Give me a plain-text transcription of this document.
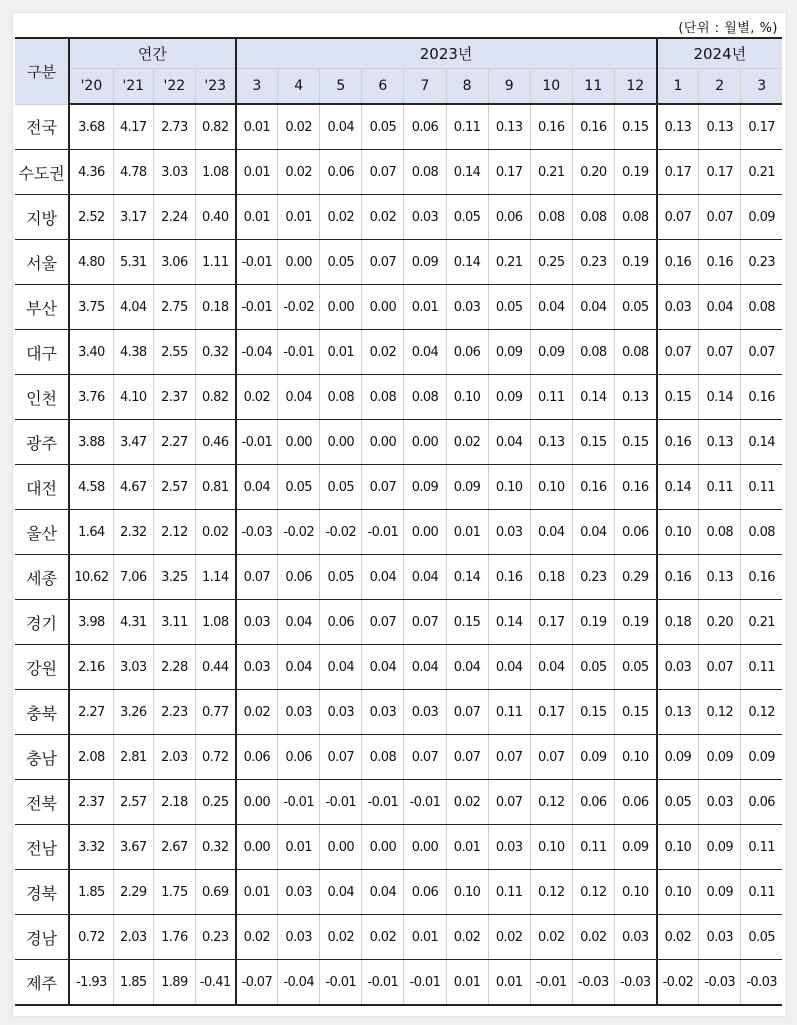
(단위 : 월별, %)
구분	연간				2023년										2024년		
	'20	'21	'22	'23	3	4	5	6	7	8	9	10	11	12	1	2	3
전국	3.68	4.17	2.73	0.82	0.01	0.02	0.04	0.05	0.06	0.11	0.13	0.16	0.16	0.15	0.13	0.13	0.17
수도권	4.36	4.78	3.03	1.08	0.01	0.02	0.06	0.07	0.08	0.14	0.17	0.21	0.20	0.19	0.17	0.17	0.21
지방	2.52	3.17	2.24	0.40	0.01	0.01	0.02	0.02	0.03	0.05	0.06	0.08	0.08	0.08	0.07	0.07	0.09
서울	4.80	5.31	3.06	1.11	-0.01	0.00	0.05	0.07	0.09	0.14	0.21	0.25	0.23	0.19	0.16	0.16	0.23
부산	3.75	4.04	2.75	0.18	-0.01	-0.02	0.00	0.00	0.01	0.03	0.05	0.04	0.04	0.05	0.03	0.04	0.08
대구	3.40	4.38	2.55	0.32	-0.04	-0.01	0.01	0.02	0.04	0.06	0.09	0.09	0.08	0.08	0.07	0.07	0.07
인천	3.76	4.10	2.37	0.82	0.02	0.04	0.08	0.08	0.08	0.10	0.09	0.11	0.14	0.13	0.15	0.14	0.16
광주	3.88	3.47	2.27	0.46	-0.01	0.00	0.00	0.00	0.00	0.02	0.04	0.13	0.15	0.15	0.16	0.13	0.14
대전	4.58	4.67	2.57	0.81	0.04	0.05	0.05	0.07	0.09	0.09	0.10	0.10	0.16	0.16	0.14	0.11	0.11
울산	1.64	2.32	2.12	0.02	-0.03	-0.02	-0.02	-0.01	0.00	0.01	0.03	0.04	0.04	0.06	0.10	0.08	0.08
세종	10.62	7.06	3.25	1.14	0.07	0.06	0.05	0.04	0.04	0.14	0.16	0.18	0.23	0.29	0.16	0.13	0.16
경기	3.98	4.31	3.11	1.08	0.03	0.04	0.06	0.07	0.07	0.15	0.14	0.17	0.19	0.19	0.18	0.20	0.21
강원	2.16	3.03	2.28	0.44	0.03	0.04	0.04	0.04	0.04	0.04	0.04	0.04	0.05	0.05	0.03	0.07	0.11
충북	2.27	3.26	2.23	0.77	0.02	0.03	0.03	0.03	0.03	0.07	0.11	0.17	0.15	0.15	0.13	0.12	0.12
충남	2.08	2.81	2.03	0.72	0.06	0.06	0.07	0.08	0.07	0.07	0.07	0.07	0.09	0.10	0.09	0.09	0.09
전북	2.37	2.57	2.18	0.25	0.00	-0.01	-0.01	-0.01	-0.01	0.02	0.07	0.12	0.06	0.06	0.05	0.03	0.06
전남	3.32	3.67	2.67	0.32	0.00	0.01	0.00	0.00	0.00	0.01	0.03	0.10	0.11	0.09	0.10	0.09	0.11
경북	1.85	2.29	1.75	0.69	0.01	0.03	0.04	0.04	0.06	0.10	0.11	0.12	0.12	0.10	0.10	0.09	0.11
경남	0.72	2.03	1.76	0.23	0.02	0.03	0.02	0.02	0.01	0.02	0.02	0.02	0.02	0.03	0.02	0.03	0.05
제주	-1.93	1.85	1.89	-0.41	-0.07	-0.04	-0.01	-0.01	-0.01	0.01	0.01	-0.01	-0.03	-0.03	-0.02	-0.03	-0.03
